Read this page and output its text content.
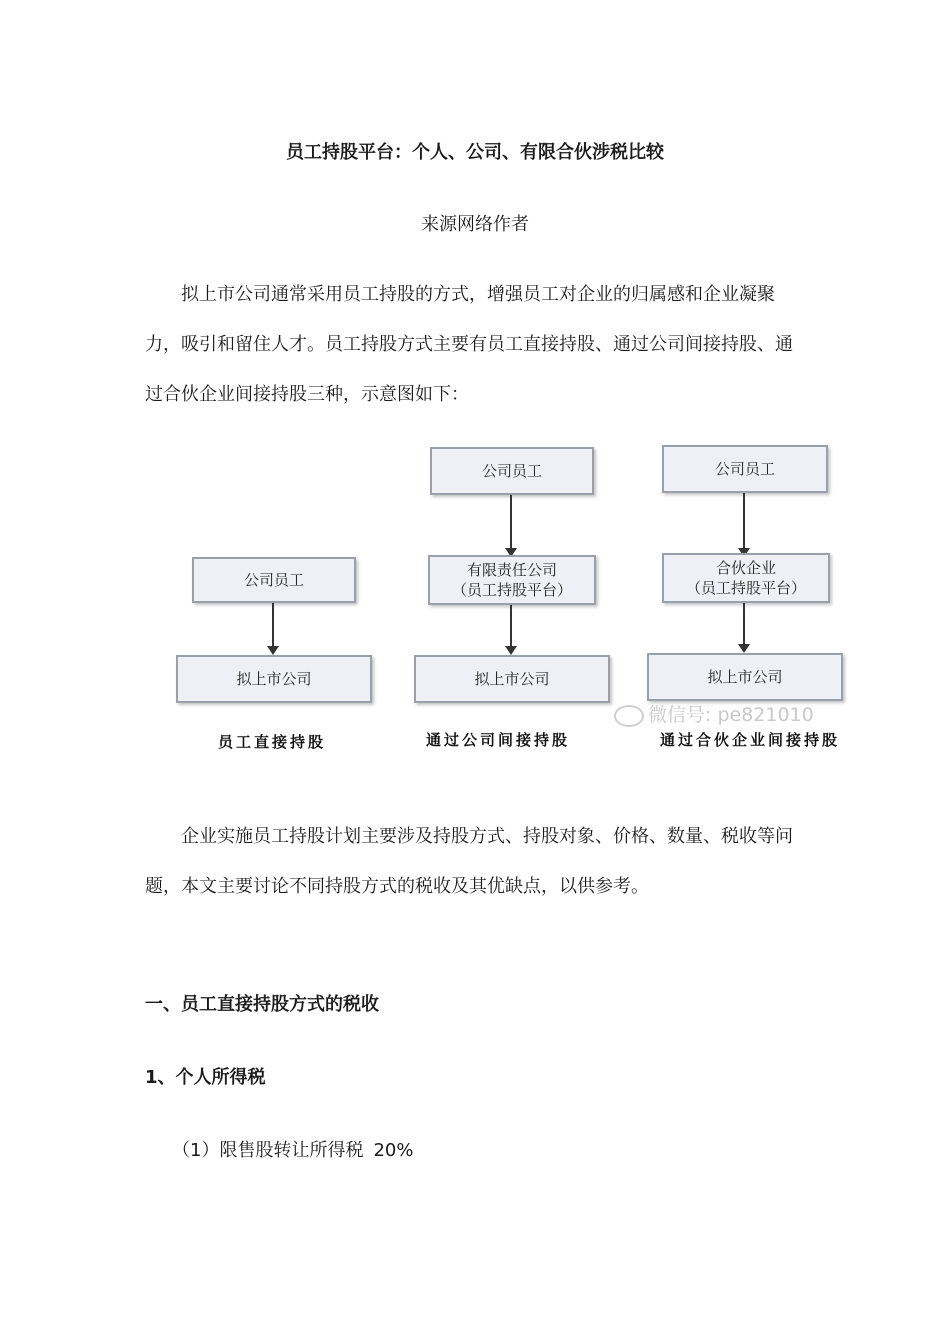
员工持股平台：个人、公司、有限合伙涉税比较
来源网络作者

拟上市公司通常采用员工持股的方式，增强员工对企业的归属感和企业凝聚力，吸引和留住人才。员工持股方式主要有员工直接持股、通过公司间接持股、通过合伙企业间接持股三种，示意图如下：

公司员工
拟上市公司
员工直接持股
公司员工
有限责任公司
（员工持股平台）
拟上市公司
通过公司间接持股
公司员工
合伙企业
（员工持股平台）
拟上市公司
通过合伙企业间接持股
微信号: pe821010

企业实施员工持股计划主要涉及持股方式、持股对象、价格、数量、税收等问题，本文主要讨论不同持股方式的税收及其优缺点，以供参考。

一、员工直接持股方式的税收
1、个人所得税
（1）限售股转让所得税 20%
